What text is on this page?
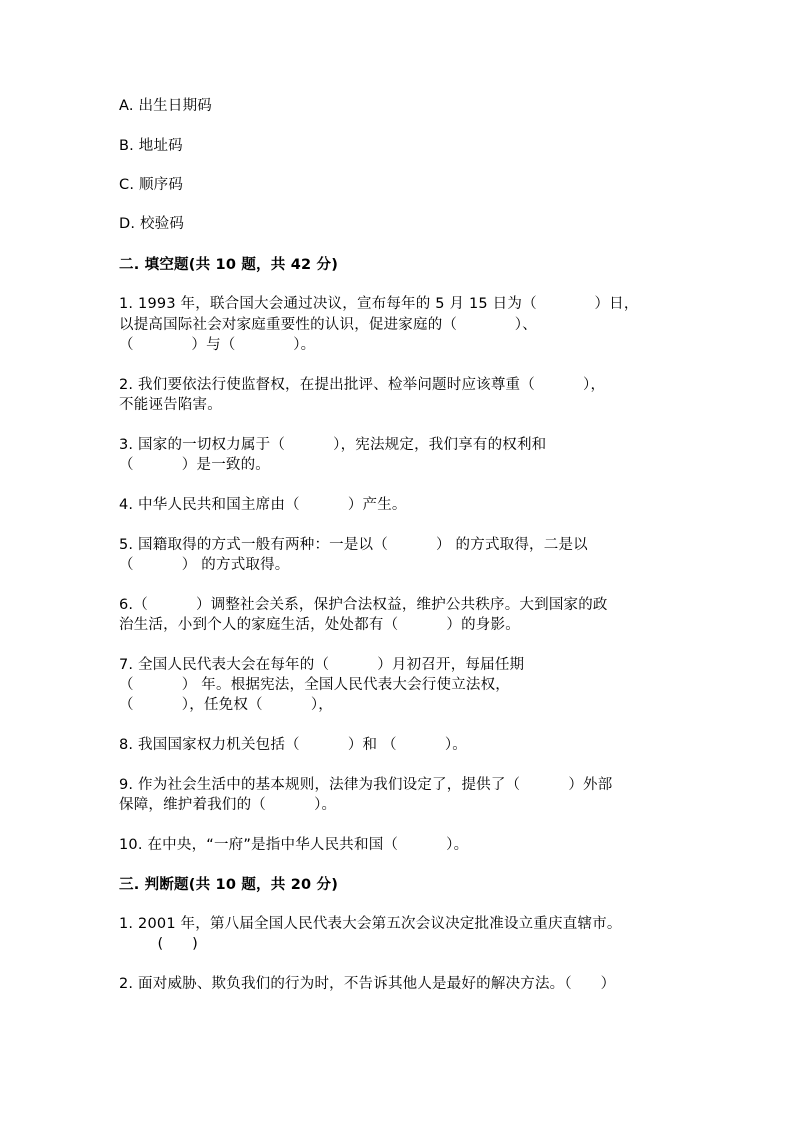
A. 出生日期码
B. 地址码
C. 顺序码
D. 校验码
二. 填空题(共 10 题，共 42 分)
1. 1993 年，联合国大会通过决议，宣布每年的 5 月 15 日为（            ）日，
以提高国际社会对家庭重要性的认识，促进家庭的（            ）、
（            ）与（            ）。
2. 我们要依法行使监督权，在提出批评、检举问题时应该尊重（          ），
不能诬告陷害。
3. 国家的一切权力属于（          ），宪法规定，我们享有的权利和
（          ）是一致的。
4. 中华人民共和国主席由（          ）产生。
5. 国籍取得的方式一般有两种：一是以（          ） 的方式取得，二是以
（          ） 的方式取得。
6.（          ）调整社会关系，保护合法权益，维护公共秩序。大到国家的政
治生活，小到个人的家庭生活，处处都有（          ）的身影。
7. 全国人民代表大会在每年的（          ）月初召开，每届任期
（          ） 年。根据宪法，全国人民代表大会行使立法权，
（          ），任免权（          ），
8. 我国国家权力机关包括（          ）和 （          ）。
9. 作为社会生活中的基本规则，法律为我们设定了，提供了（          ）外部
保障，维护着我们的（          ）。
10. 在中央，“一府”是指中华人民共和国（          ）。
三. 判断题(共 10 题，共 20 分)
1. 2001 年，第八届全国人民代表大会第五次会议决定批准设立重庆直辖市。
(      )
2. 面对威胁、欺负我们的行为时，不告诉其他人是最好的解决方法。（      ）
